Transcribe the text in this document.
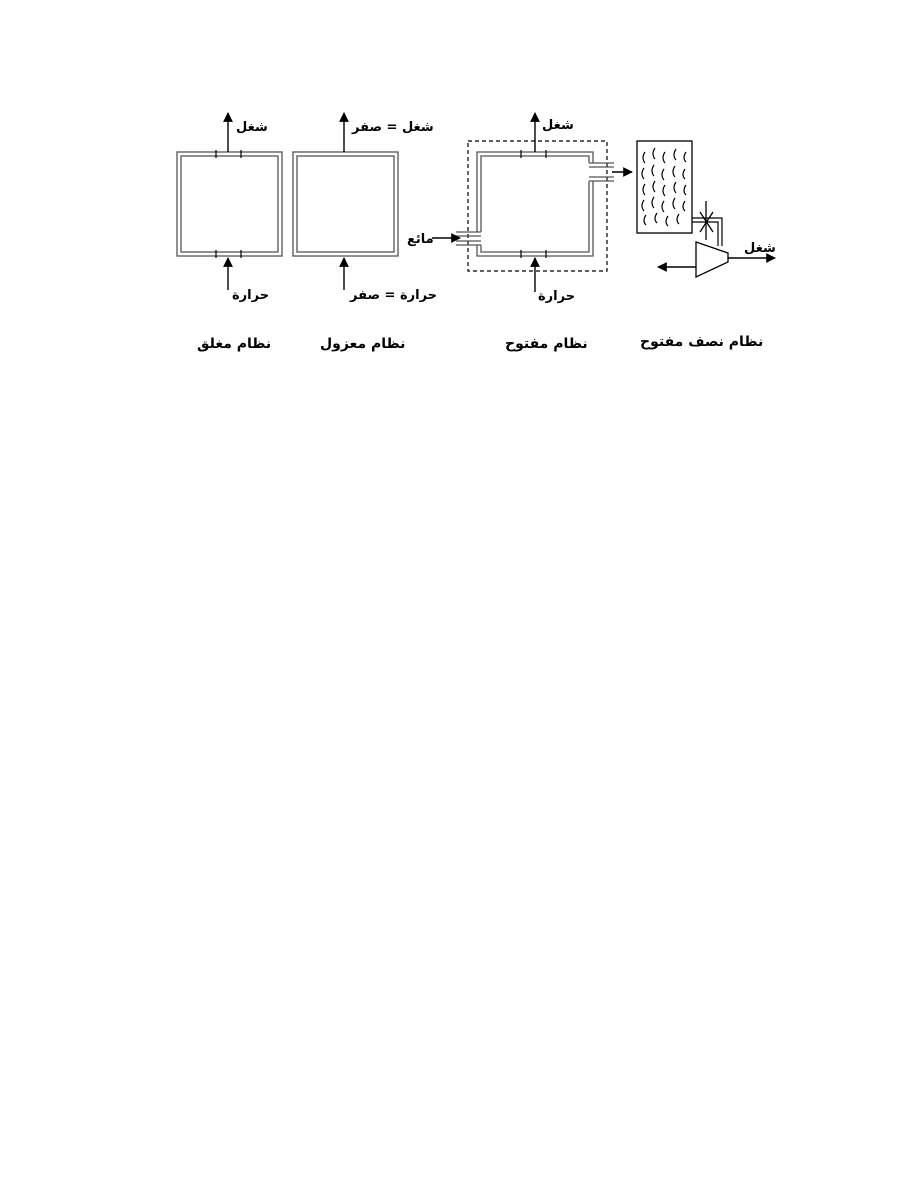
شغل
حرارة
نظام مغلق
شغل = صفر
حرارة = صفر
نظام معزول
شغل
حرارة
مائع
نظام مفتوح
شغل
نظام نصف مفتوح
